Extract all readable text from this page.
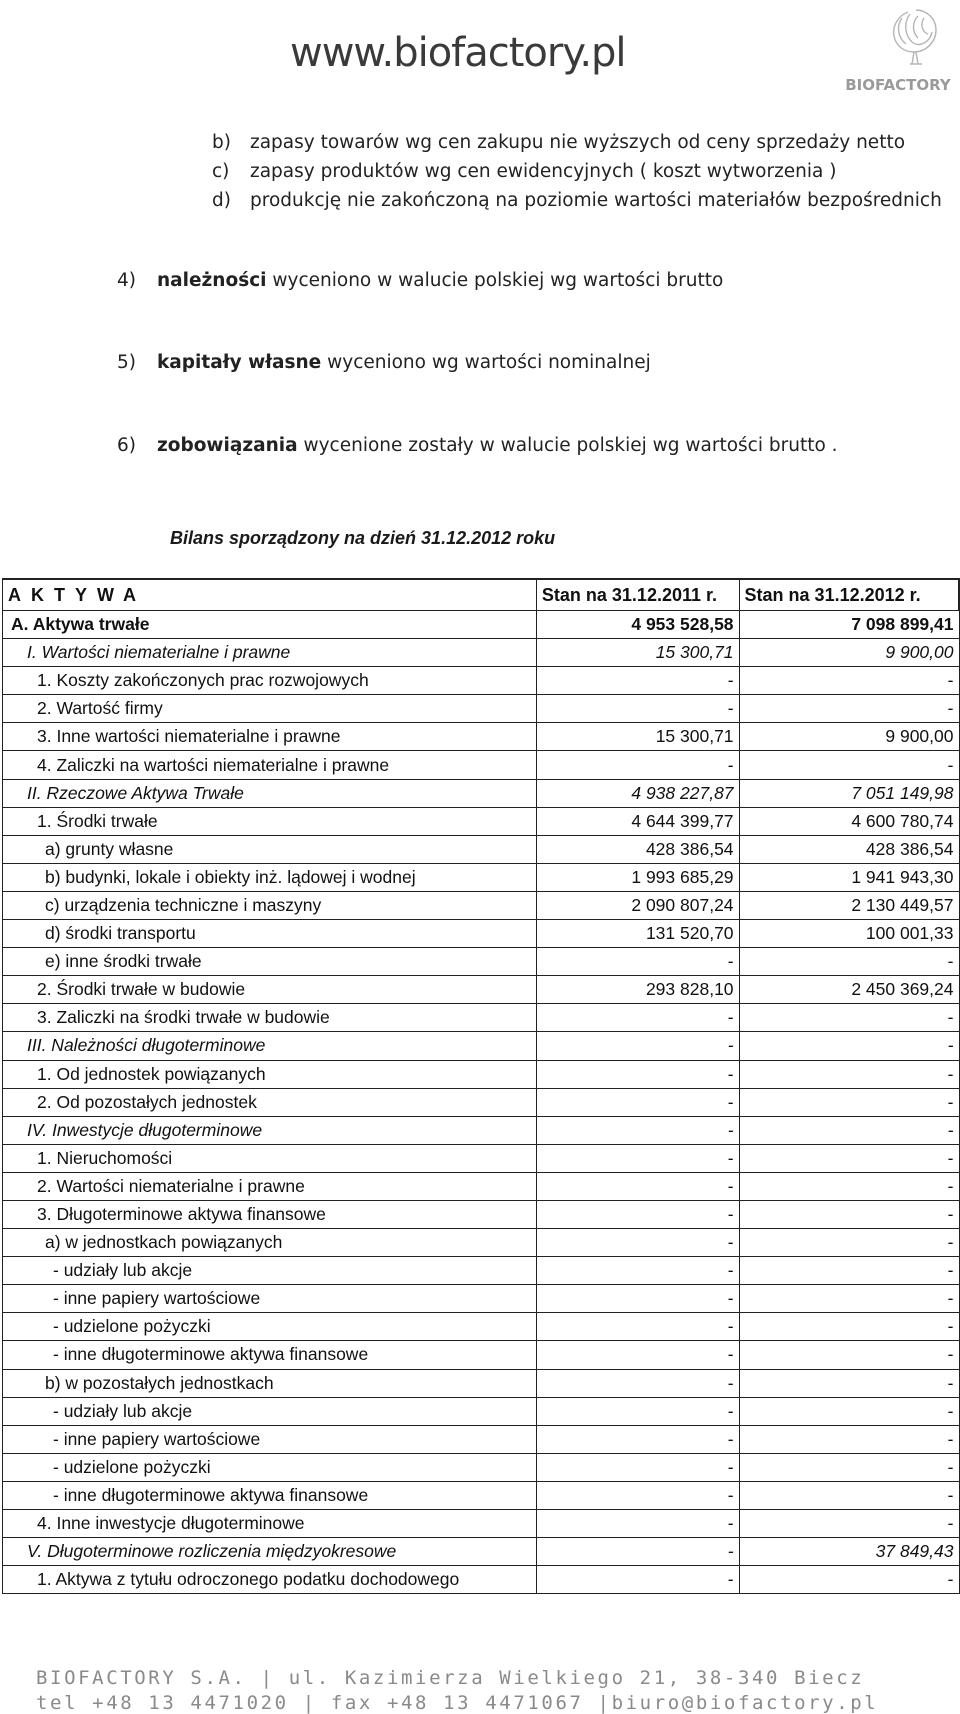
www.biofactory.pl
BIOFACTORY
b) zapasy towarów wg cen zakupu nie wyższych od ceny sprzedaży netto
c) zapasy produktów wg cen ewidencyjnych ( koszt wytworzenia )
d) produkcję nie zakończoną na poziomie wartości materiałów bezpośrednich
4) należności wyceniono w walucie polskiej wg wartości brutto
5) kapitały własne wyceniono wg wartości nominalnej
6) zobowiązania wycenione zostały w walucie polskiej wg wartości brutto .
Bilans sporządzony na dzień 31.12.2012 roku
AKTYWA	Stan na 31.12.2011 r.	Stan na 31.12.2012 r.
A. Aktywa trwałe	4 953 528,58	7 098 899,41
I. Wartości niematerialne i prawne	15 300,71	9 900,00
1. Koszty zakończonych prac rozwojowych	-	-
2. Wartość firmy	-	-
3. Inne wartości niematerialne i prawne	15 300,71	9 900,00
4. Zaliczki na wartości niematerialne i prawne	-	-
II. Rzeczowe Aktywa Trwałe	4 938 227,87	7 051 149,98
1. Środki trwałe	4 644 399,77	4 600 780,74
a) grunty własne	428 386,54	428 386,54
b) budynki, lokale i obiekty inż. lądowej i wodnej	1 993 685,29	1 941 943,30
c) urządzenia techniczne i maszyny	2 090 807,24	2 130 449,57
d) środki transportu	131 520,70	100 001,33
e) inne środki trwałe	-	-
2. Środki trwałe w budowie	293 828,10	2 450 369,24
3. Zaliczki na środki trwałe w budowie	-	-
III. Należności długoterminowe	-	-
1. Od jednostek powiązanych	-	-
2. Od pozostałych jednostek	-	-
IV. Inwestycje długoterminowe	-	-
1. Nieruchomości	-	-
2. Wartości niematerialne i prawne	-	-
3. Długoterminowe aktywa finansowe	-	-
a) w jednostkach powiązanych	-	-
- udziały lub akcje	-	-
- inne papiery wartościowe	-	-
- udzielone pożyczki	-	-
- inne długoterminowe aktywa finansowe	-	-
b) w pozostałych jednostkach	-	-
- udziały lub akcje	-	-
- inne papiery wartościowe	-	-
- udzielone pożyczki	-	-
- inne długoterminowe aktywa finansowe	-	-
4. Inne inwestycje długoterminowe	-	-
V. Długoterminowe rozliczenia międzyokresowe	-	37 849,43
1. Aktywa z tytułu odroczonego podatku dochodowego	-	-
BIOFACTORY S.A. | ul. Kazimierza Wielkiego 21, 38-340 Biecz
tel +48 13 4471020 | fax +48 13 4471067 |biuro@biofactory.pl
